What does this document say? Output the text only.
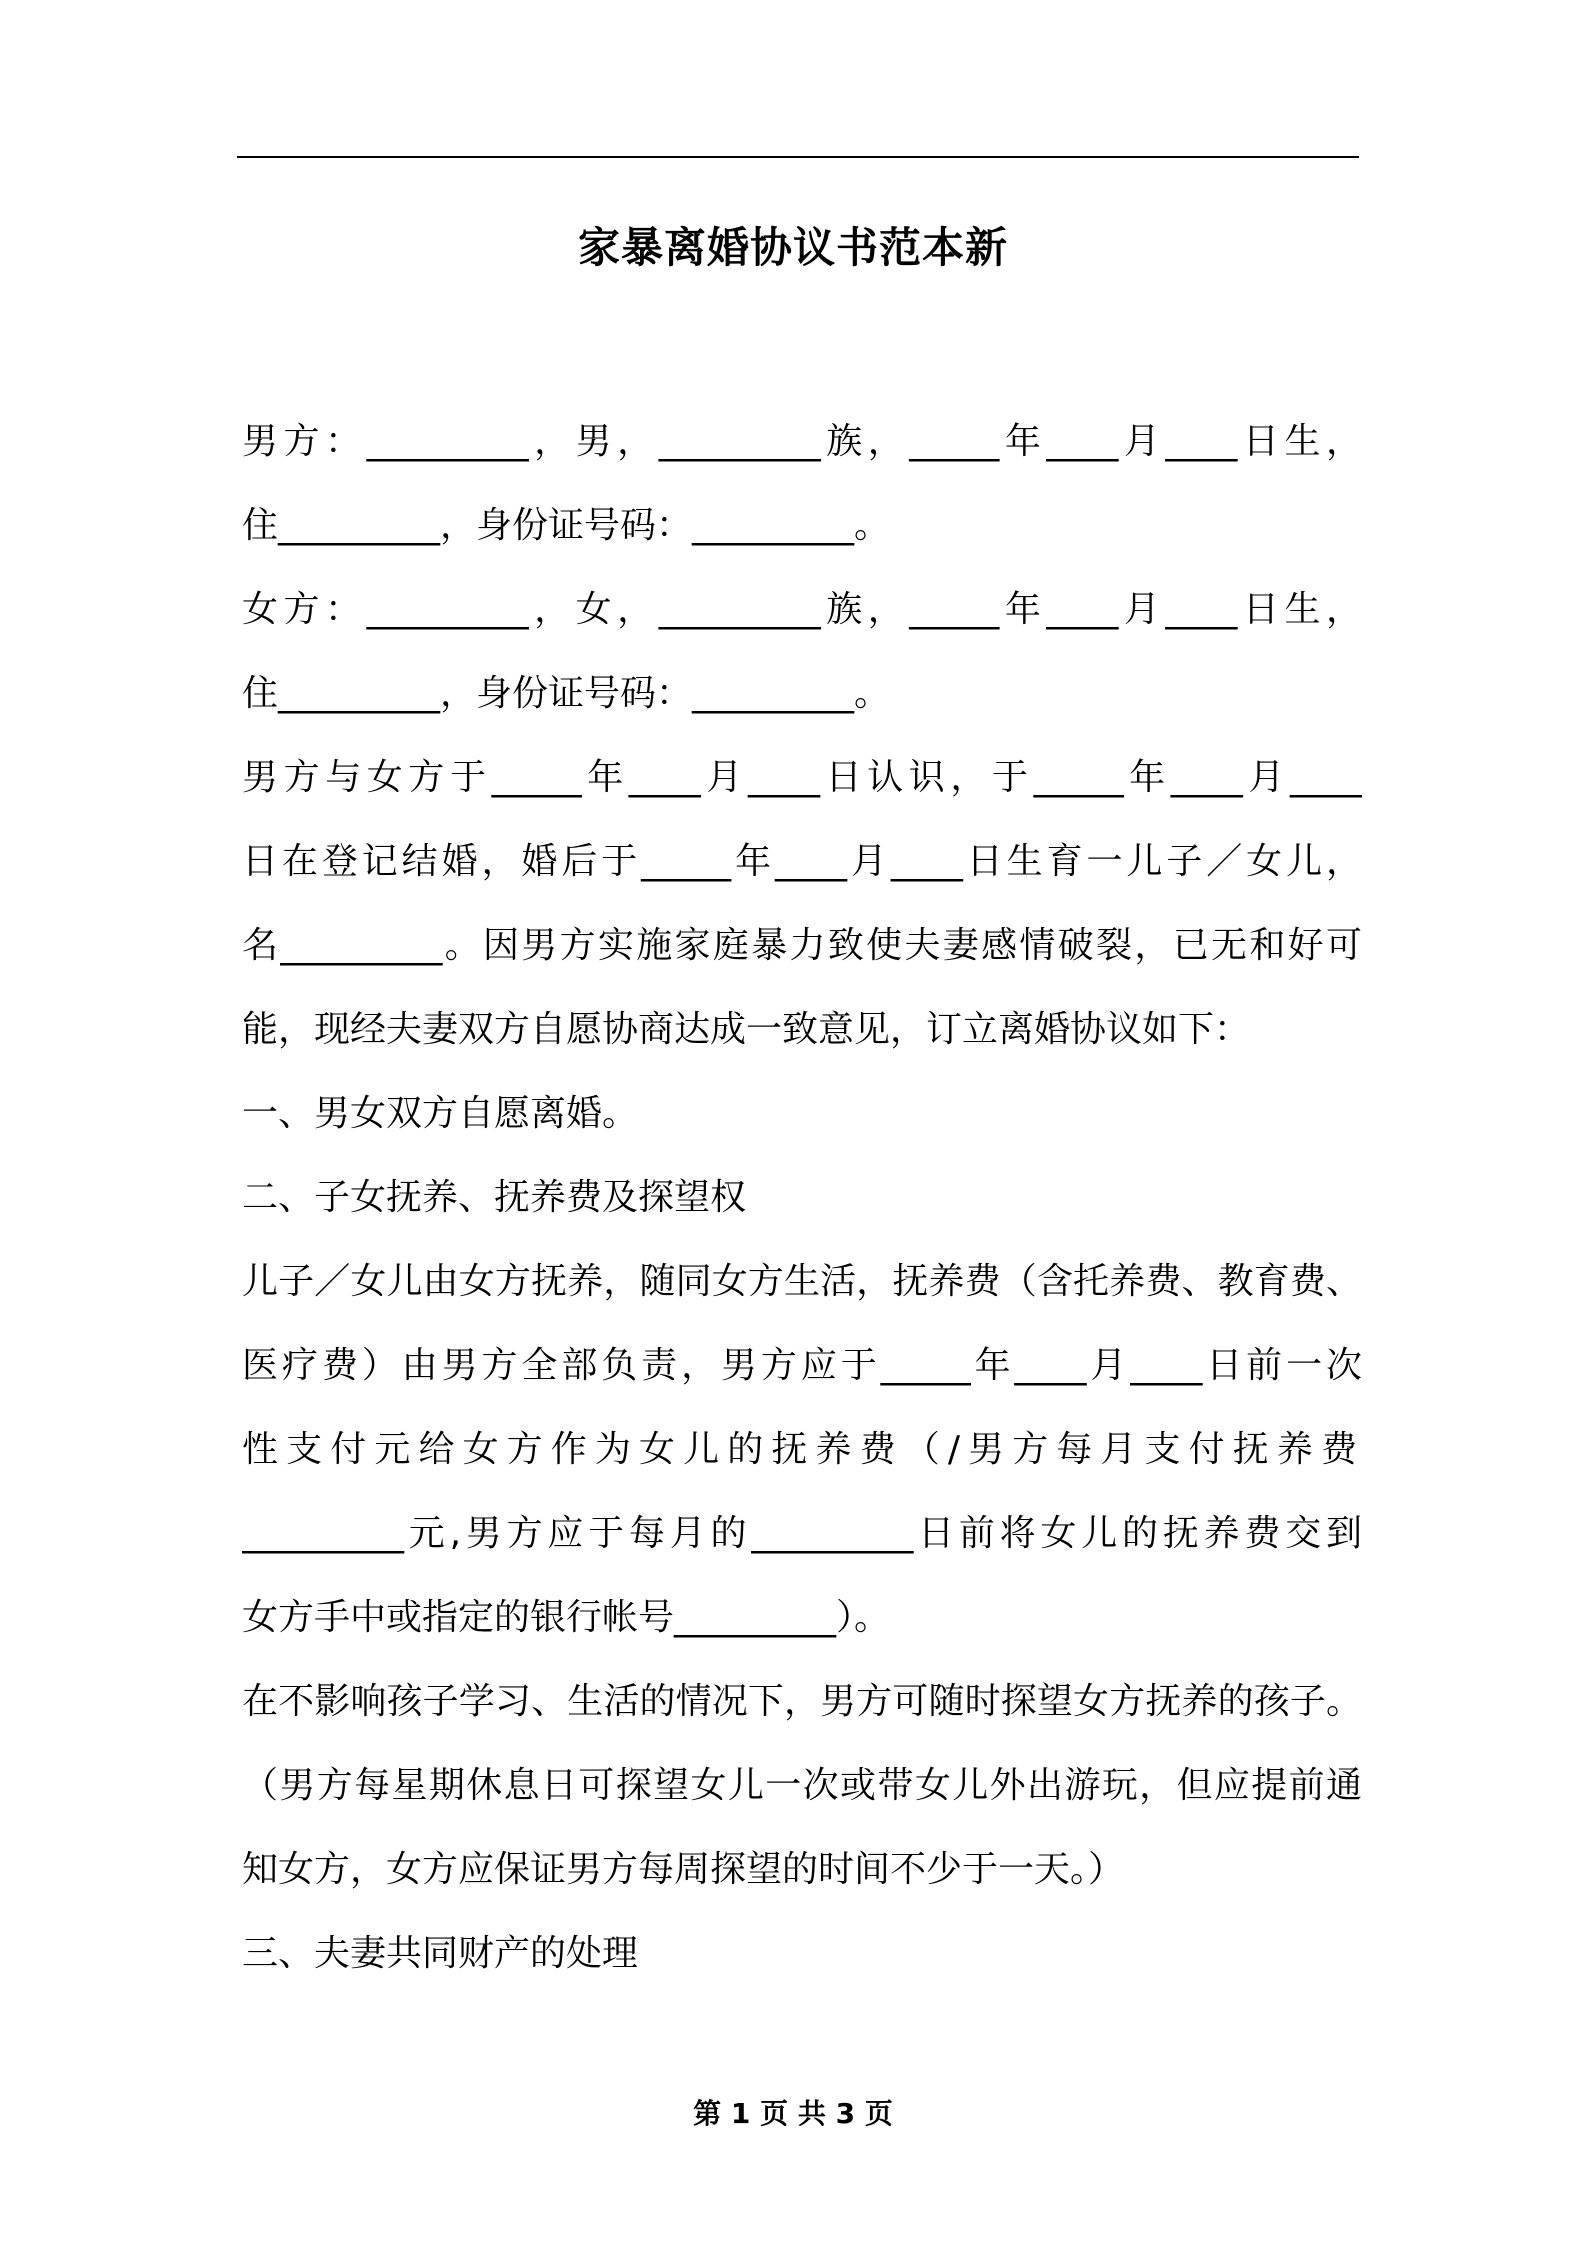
家暴离婚协议书范本新
男方：_________，男，_________族，_____年____月____日生，
住_________，身份证号码：_________。
女方：_________，女，_________族，_____年____月____日生，
住_________，身份证号码：_________。
男方与女方于_____年____月____日认识，于_____年____月____
日在登记结婚，婚后于_____年____月____日生育一儿子／女儿，
名_________。因男方实施家庭暴力致使夫妻感情破裂，已无和好可
能，现经夫妻双方自愿协商达成一致意见，订立离婚协议如下：
一、男女双方自愿离婚。
二、子女抚养、抚养费及探望权
儿子／女儿由女方抚养，随同女方生活，抚养费（含托养费、教育费、
医疗费）由男方全部负责，男方应于_____年____月____日前一次
性支付元给女方作为女儿的抚养费（/男方每月支付抚养费
_________元,男方应于每月的_________日前将女儿的抚养费交到
女方手中或指定的银行帐号_________）。
在不影响孩子学习、生活的情况下，男方可随时探望女方抚养的孩子。
（男方每星期休息日可探望女儿一次或带女儿外出游玩，但应提前通
知女方，女方应保证男方每周探望的时间不少于一天。）
三、夫妻共同财产的处理
第 1 页 共 3 页
